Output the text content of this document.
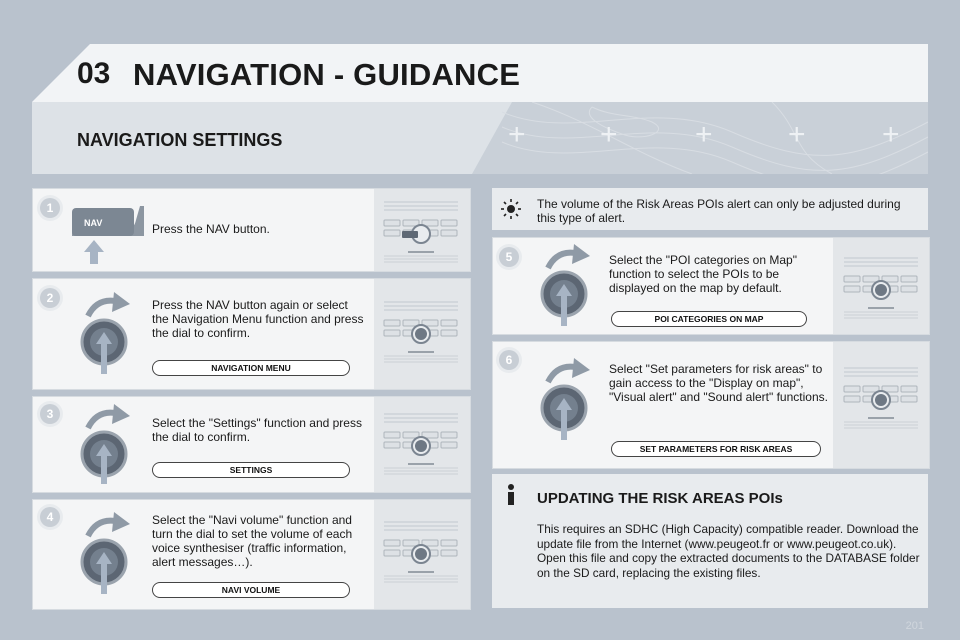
03 NAVIGATION - GUIDANCE
NAVIGATION SETTINGS	+ +	+	+	+
1
NAV	Press the NAV button.
2	Press the NAV button again or select the Navigation Menu function and press the dial to confirm.
NAVIGATION MENU
3
Select the "Settings" function and press the dial to confirm.
SETTINGS
4	Select the "Navi volume" function and turn the dial to set the volume of each voice synthesiser (traffic information, alert messages…).
NAVI VOLUME
The volume of the Risk Areas POIs alert can only be adjusted during this type of alert.
5	Select the "POI categories on Map" function to select the POIs to be displayed on the map by default.
POI CATEGORIES ON MAP
6
Select "Set parameters for risk areas" to gain access to the "Display on map", "Visual alert" and "Sound alert" functions.
SET PARAMETERS FOR RISK AREAS
UPDATING THE RISK AREAS POIs
This requires an SDHC (High Capacity) compatible reader. Download the update file from the Internet (www.peugeot.fr or www.peugeot.co.uk).
Open this file and copy the extracted documents to the DATABASE folder on the SD card, replacing the existing files.
201
